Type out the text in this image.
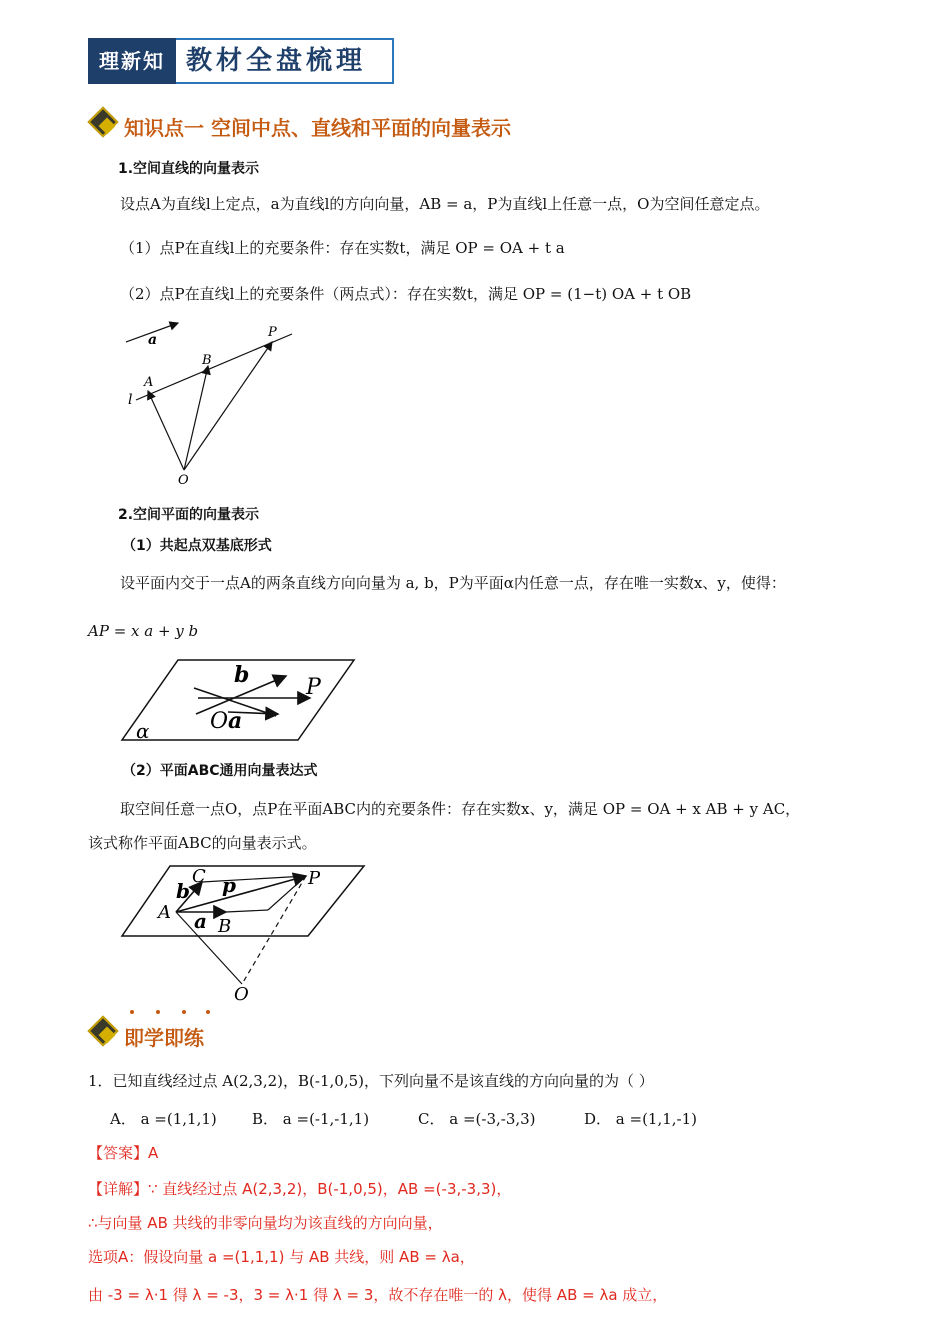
理新知 教材全盘梳理
知识点一 空间中点、直线和平面的向量表示
1.空间直线的向量表示
设点A为直线l上定点，a为直线l的方向向量，AB = a，P为直线l上任意一点，O为空间任意定点。
（1）点P在直线l上的充要条件：存在实数t，满足 OP = OA + t a
（2）点P在直线l上的充要条件（两点式）：存在实数t，满足 OP = (1−t) OA + t OB
a	P
B
A
l
O
2.空间平面的向量表示
（1）共起点双基底形式
设平面内交于一点A的两条直线方向向量为 a, b，P为平面α内任意一点，存在唯一实数x、y，使得：
AP = x a + y b
b	P
O a
α
（2）平面ABC通用向量表达式
取空间任意一点O，点P在平面ABC内的充要条件：存在实数x、y，满足 OP = OA + x AB + y AC，
该式称作平面ABC的向量表示式。
C	P
b p
A a B
O
即学即练
1．已知直线经过点 A(2,3,2)，B(-1,0,5)，下列向量不是该直线的方向向量的为（ ）
A． a =(1,1,1) B． a =(-1,-1,1)	C． a =(-3,-3,3)	D． a =(1,1,-1)
【答案】A
【详解】∵ 直线经过点 A(2,3,2)，B(-1,0,5)，AB =(-3,-3,3)，
∴与向量 AB 共线的非零向量均为该直线的方向向量，
选项A：假设向量 a =(1,1,1) 与 AB 共线，则 AB = λa，
由 -3 = λ·1 得 λ = -3，3 = λ·1 得 λ = 3，故不存在唯一的 λ，使得 AB = λa 成立，
